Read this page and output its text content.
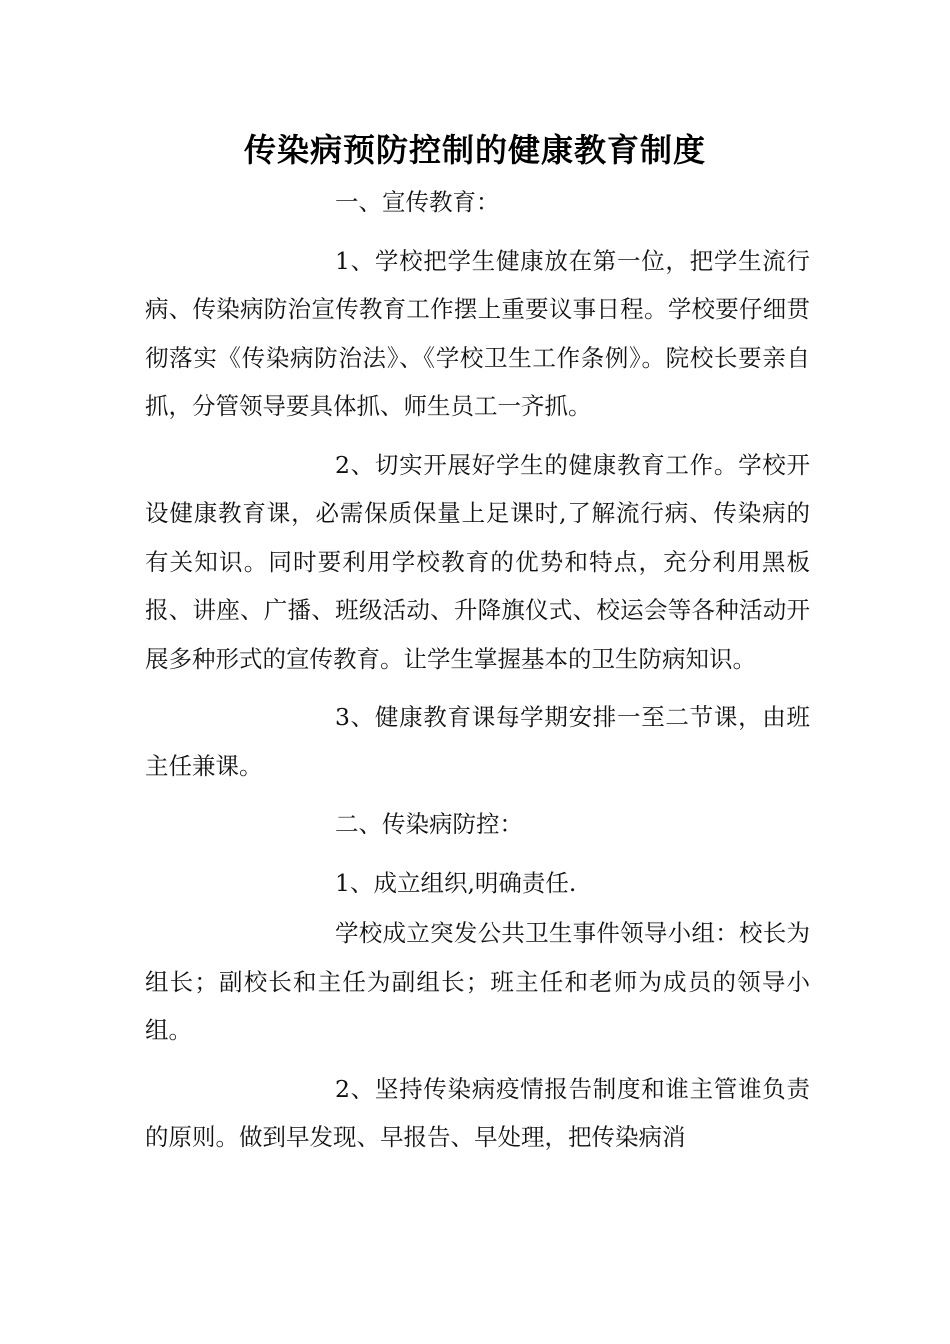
传染病预防控制的健康教育制度

一、宣传教育：

1、学校把学生健康放在第一位，把学生流行病、传染病防治宣传教育工作摆上重要议事日程。学校要仔细贯彻落实《传染病防治法》、《学校卫生工作条例》。院校长要亲自抓，分管领导要具体抓、师生员工一齐抓。

2、切实开展好学生的健康教育工作。学校开设健康教育课，必需保质保量上足课时,了解流行病、传染病的有关知识。同时要利用学校教育的优势和特点，充分利用黑板报、讲座、广播、班级活动、升降旗仪式、校运会等各种活动开展多种形式的宣传教育。让学生掌握基本的卫生防病知识。

3、健康教育课每学期安排一至二节课，由班主任兼课。

二、传染病防控：

1、成立组织,明确责任.

学校成立突发公共卫生事件领导小组：校长为组长；副校长和主任为副组长；班主任和老师为成员的领导小组。

2、坚持传染病疫情报告制度和谁主管谁负责的原则。做到早发现、早报告、早处理，把传染病消
